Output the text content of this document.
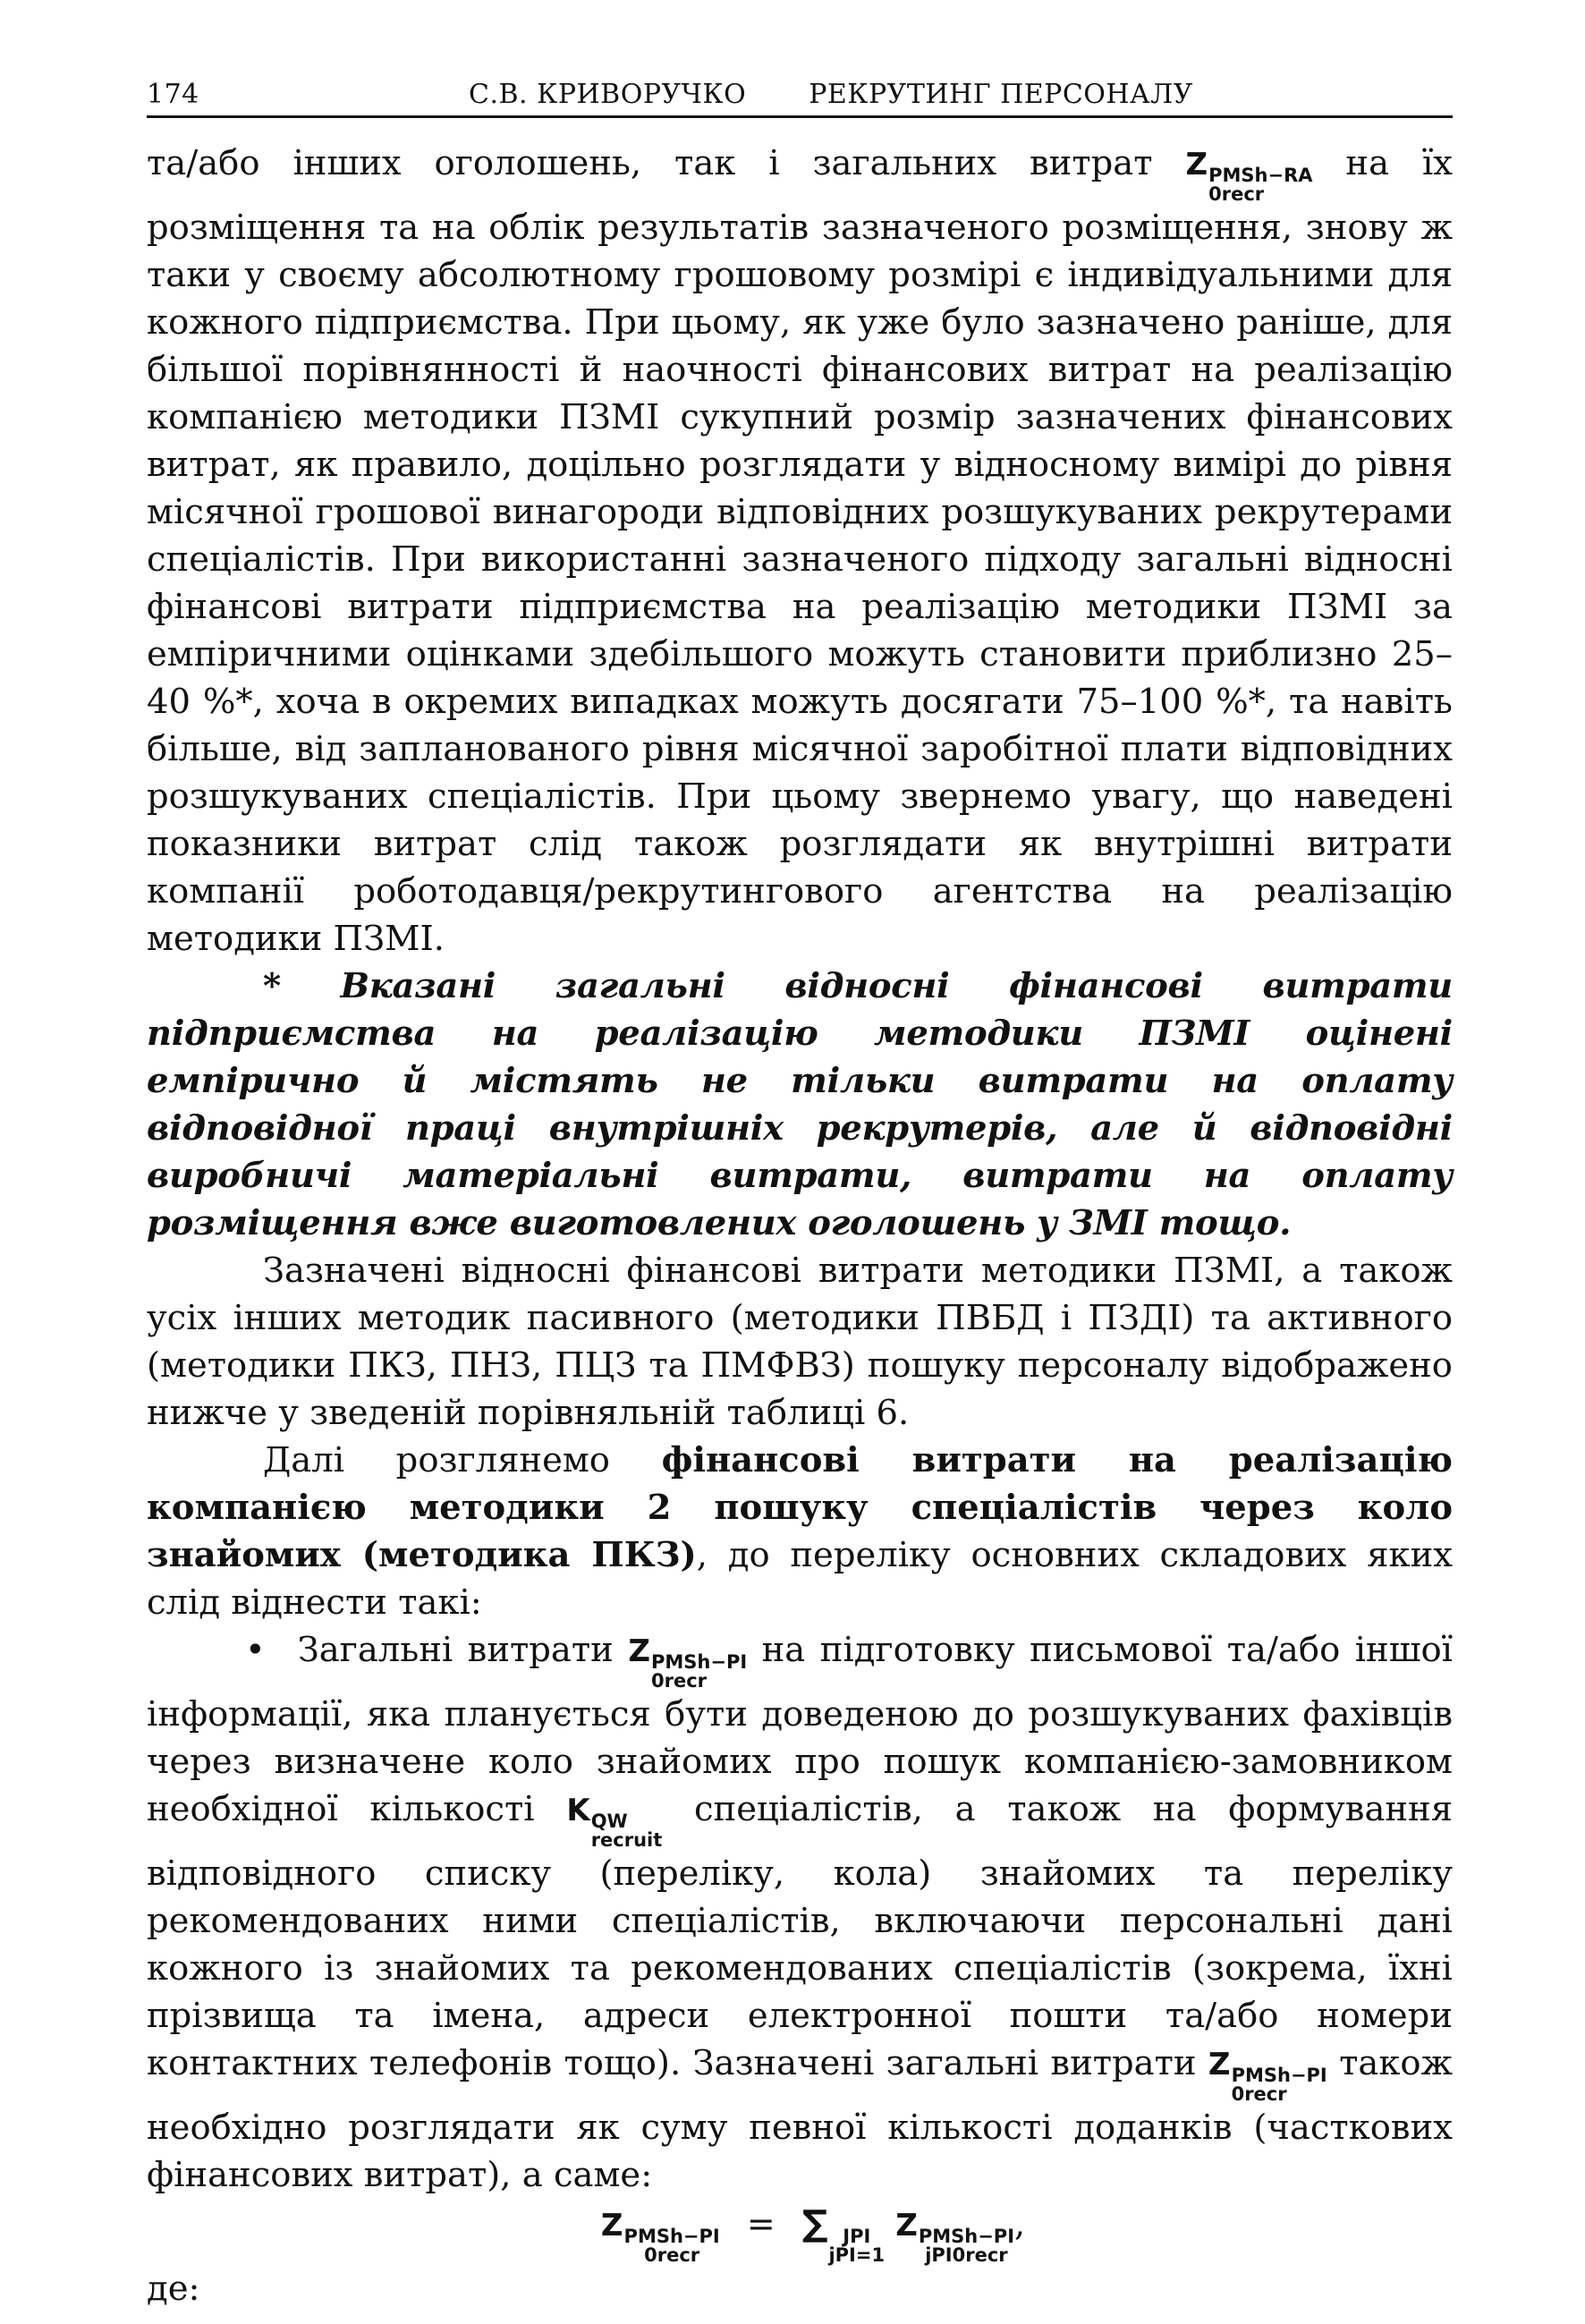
174	С.В. КРИВОРУЧКО РЕКРУТИНГ ПЕРСОНАЛУ

та/або інших оголошень, так і загальних витрат Z PMSh−RA
0recr
на їх розміщення та на облік результатів зазначеного розміщення, знову ж таки у своєму абсолютному грошовому розмірі є індивідуальними для кожного підприємства. При цьому, як уже було зазначено раніше, для більшої порівнянності й наочності фінансових витрат на реалізацію компанією методики ПЗМІ сукупний розмір зазначених фінансових витрат, як правило, доцільно розглядати у відносному вимірі до рівня місячної грошової винагороди відповідних розшукуваних рекрутерами спеціалістів. При використанні зазначеного підходу загальні відносні фінансові витрати підприємства на реалізацію методики ПЗМІ за емпіричними оцінками здебільшого можуть становити приблизно 25–40 %*, хоча в окремих випадках можуть досягати 75–100 %*, та навіть більше, від запланованого рівня місячної заробітної плати відповідних розшукуваних спеціалістів. При цьому звернемо увагу, що наведені показники витрат слід також розглядати як внутрішні витрати компанії роботодавця/рекрутингового агентства на реалізацію методики ПЗМІ.

* Вказані загальні відносні фінансові витрати підприємства на реалізацію методики ПЗМІ оцінені емпірично й містять не тільки витрати на оплату відповідної праці внутрішніх рекрутерів, але й відповідні виробничі матеріальні витрати, витрати на оплату розміщення вже виготовлених оголошень у ЗМІ тощо.

Зазначені відносні фінансові витрати методики ПЗМІ, а також усіх інших методик пасивного (методики ПВБД і ПЗДІ) та активного (методики ПКЗ, ПНЗ, ПЦЗ та ПМФВЗ) пошуку персоналу відображено нижче у зведеній порівняльній таблиці 6.

Далі розглянемо фінансові витрати на реалізацію компанією методики 2 пошуку спеціалістів через коло знайомих (методика ПКЗ), до переліку основних складових яких слід віднести такі:

• Загальні витрати Z PMSh−PI
0recr
на підготовку письмової та/або іншої інформації, яка планується бути доведеною до розшукуваних фахівців через визначене коло знайомих про пошук компанією-замовником необхідної кількості K QW
recruit
спеціалістів, а також на формування відповідного списку (переліку, кола) знайомих та переліку рекомендованих ними спеціалістів, включаючи персональні дані кожного із знайомих та рекомендованих спеціалістів (зокрема, їхні прізвища та імена, адреси електронної пошти та/або номери контактних телефонів тощо). Зазначені загальні витрати Z PMSh−PI
0recr
також необхідно розглядати як суму певної кількості доданків (часткових фінансових витрат), а саме:

Z PMSh−PI
0recr
= ∑ JPI
jPI=1
Z PMSh−PI
jPI0recr
,

де:
